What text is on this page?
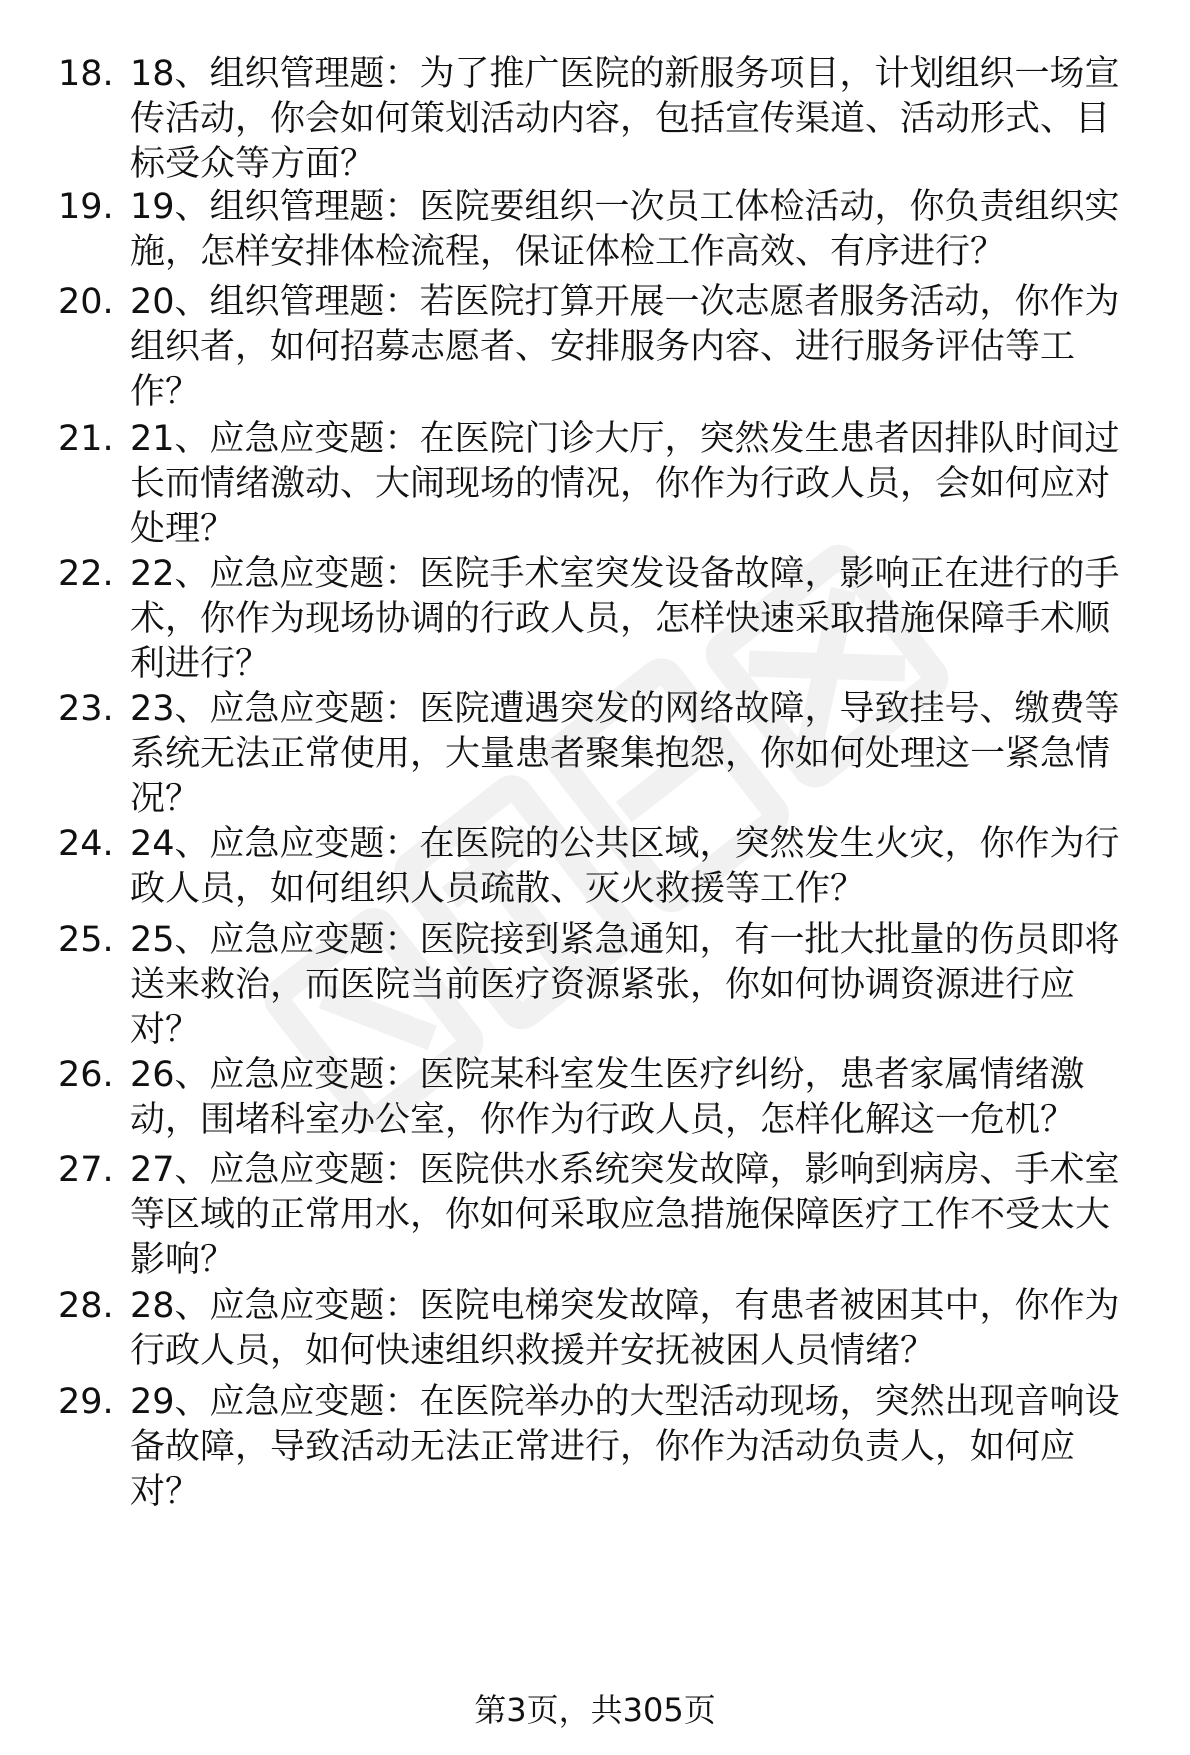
18. 18、组织管理题：为了推广医院的新服务项目，计划组织一场宣传活动，你会如何策划活动内容，包括宣传渠道、活动形式、目标受众等方面？
19. 19、组织管理题：医院要组织一次员工体检活动，你负责组织实施，怎样安排体检流程，保证体检工作高效、有序进行？
20. 20、组织管理题：若医院打算开展一次志愿者服务活动，你作为组织者，如何招募志愿者、安排服务内容、进行服务评估等工作？
21. 21、应急应变题：在医院门诊大厅，突然发生患者因排队时间过长而情绪激动、大闹现场的情况，你作为行政人员，会如何应对处理？
22. 22、应急应变题：医院手术室突发设备故障，影响正在进行的手术，你作为现场协调的行政人员，怎样快速采取措施保障手术顺利进行？
23. 23、应急应变题：医院遭遇突发的网络故障，导致挂号、缴费等系统无法正常使用，大量患者聚集抱怨，你如何处理这一紧急情况？
24. 24、应急应变题：在医院的公共区域，突然发生火灾，你作为行政人员，如何组织人员疏散、灭火救援等工作？
25. 25、应急应变题：医院接到紧急通知，有一批大批量的伤员即将送来救治，而医院当前医疗资源紧张，你如何协调资源进行应对？
26. 26、应急应变题：医院某科室发生医疗纠纷，患者家属情绪激动，围堵科室办公室，你作为行政人员，怎样化解这一危机？
27. 27、应急应变题：医院供水系统突发故障，影响到病房、手术室等区域的正常用水，你如何采取应急措施保障医疗工作不受太大影响？
28. 28、应急应变题：医院电梯突发故障，有患者被困其中，你作为行政人员，如何快速组织救援并安抚被困人员情绪？
29. 29、应急应变题：在医院举办的大型活动现场，突然出现音响设备故障，导致活动无法正常进行，你作为活动负责人，如何应对？
第3页，共305页
